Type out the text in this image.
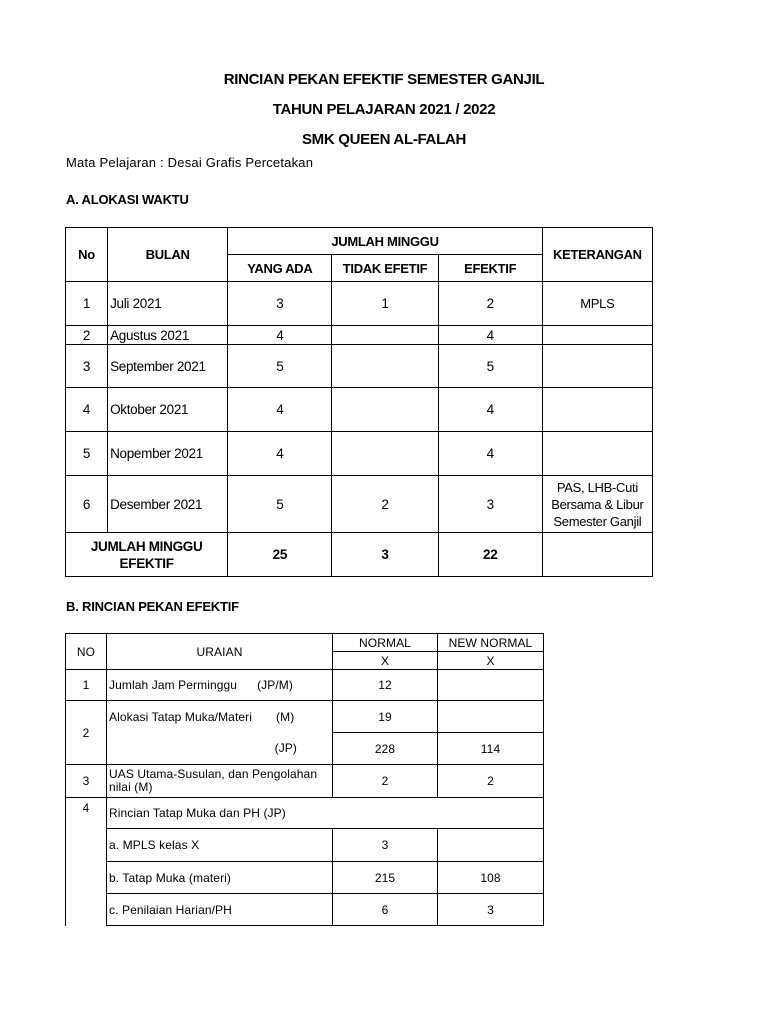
RINCIAN PEKAN EFEKTIF SEMESTER GANJIL
TAHUN PELAJARAN 2021 / 2022
SMK QUEEN AL-FALAH
Mata Pelajaran : Desai Grafis Percetakan
A. ALOKASI WAKTU
No	BULAN	JUMLAH MINGGU			KETERANGAN
		YANG ADA	TIDAK EFETIF	EFEKTIF	
1	Juli 2021	3	1	2	MPLS
2	Agustus 2021	4		4	
3	September 2021	5		5	
4	Oktober 2021	4		4	
5	Nopember 2021	4		4	
6	Desember 2021	5	2	3	PAS, LHB-Cuti Bersama & Libur Semester Ganjil
JUMLAH MINGGU EFEKTIF		25	3	22	
B. RINCIAN PEKAN EFEKTIF
NO	URAIAN	NORMAL	NEW NORMAL
		X	X
1	Jumlah Jam Perminggu (JP/M)	12	
2	Alokasi Tatap Muka/Materi (M)	19	
	(JP)	228	114
3	UAS Utama-Susulan, dan Pengolahan nilai (M)	2	2
4	Rincian Tatap Muka dan PH (JP)		
	a. MPLS kelas X	3	
	b. Tatap Muka (materi)	215	108
	c. Penilaian Harian/PH	6	3
